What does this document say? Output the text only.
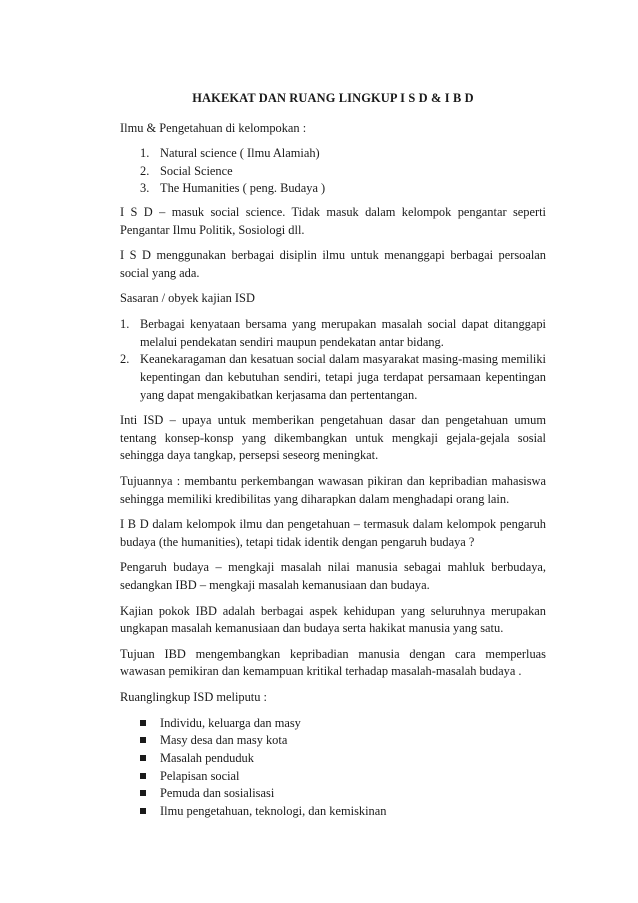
HAKEKAT DAN RUANG LINGKUP I S D & I B D

Ilmu & Pengetahuan di kelompokan :

1. Natural science ( Ilmu Alamiah)
2. Social Science
3. The Humanities ( peng. Budaya )

I S D – masuk social science. Tidak masuk dalam kelompok pengantar seperti Pengantar Ilmu Politik, Sosiologi dll.

I S D menggunakan berbagai disiplin ilmu untuk menanggapi berbagai persoalan social yang ada.

Sasaran / obyek kajian ISD

1. Berbagai kenyataan bersama yang merupakan masalah social dapat ditanggapi melalui pendekatan sendiri maupun pendekatan antar bidang.
2. Keanekaragaman dan kesatuan social dalam masyarakat masing-masing memiliki kepentingan dan kebutuhan sendiri, tetapi juga terdapat persamaan kepentingan yang dapat mengakibatkan kerjasama dan pertentangan.

Inti ISD – upaya untuk memberikan pengetahuan dasar dan pengetahuan umum tentang konsep-konsp yang dikembangkan untuk mengkaji gejala-gejala sosial sehingga daya tangkap, persepsi seseorg meningkat.

Tujuannya : membantu perkembangan wawasan pikiran dan kepribadian mahasiswa sehingga memiliki kredibilitas yang diharapkan dalam menghadapi orang lain.

I B D dalam kelompok ilmu dan pengetahuan – termasuk dalam kelompok pengaruh budaya (the humanities), tetapi tidak identik dengan pengaruh budaya ?

Pengaruh budaya – mengkaji masalah nilai manusia sebagai mahluk berbudaya, sedangkan IBD – mengkaji masalah kemanusiaan dan budaya.

Kajian pokok IBD adalah berbagai aspek kehidupan yang seluruhnya merupakan ungkapan masalah kemanusiaan dan budaya serta hakikat manusia yang satu.

Tujuan IBD mengembangkan kepribadian manusia dengan cara memperluas wawasan pemikiran dan kemampuan kritikal terhadap masalah-masalah budaya .

Ruanglingkup ISD meliputu :

Individu, keluarga dan masy
Masy desa dan masy kota
Masalah penduduk
Pelapisan social
Pemuda dan sosialisasi
Ilmu pengetahuan, teknologi, dan kemiskinan
